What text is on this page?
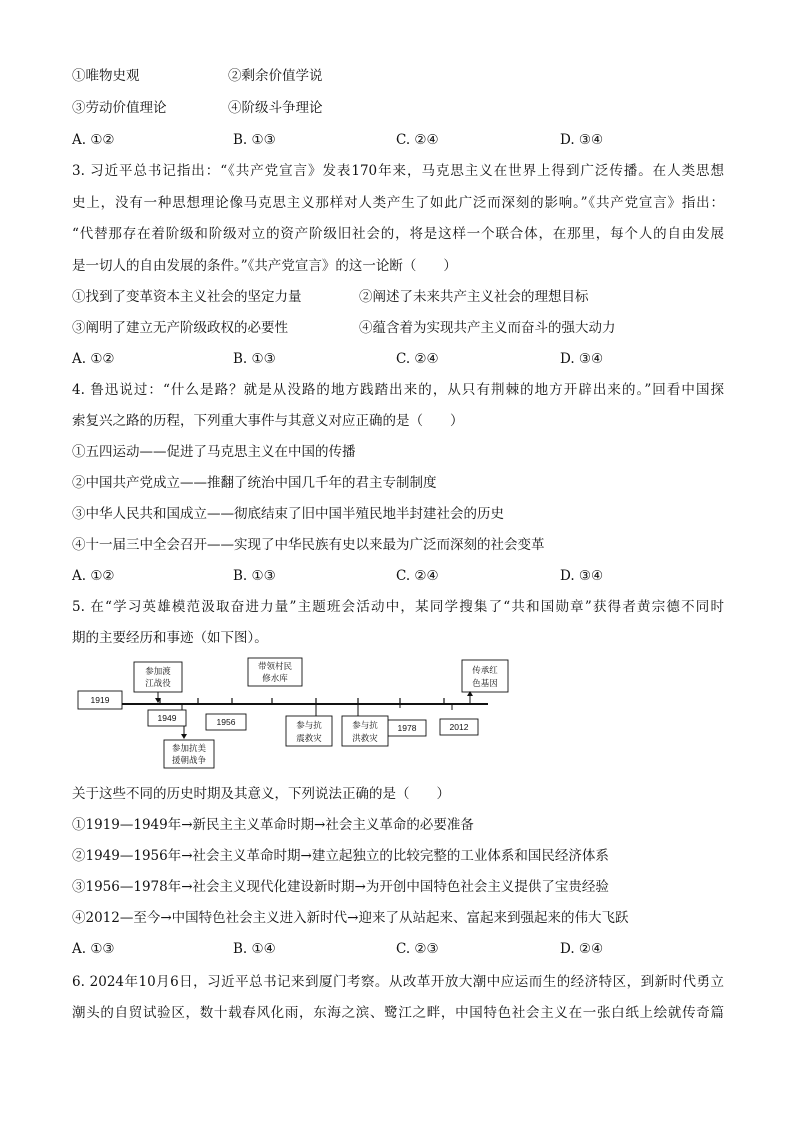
①唯物史观	②剩余价值学说
③劳动价值理论	④阶级斗争理论
A. ①②	B. ①③	C. ②④	D. ③④
3. 习近平总书记指出：“《共产党宣言》发表170年来，马克思主义在世界上得到广泛传播。在人类思想
史上，没有一种思想理论像马克思主义那样对人类产生了如此广泛而深刻的影响。”《共产党宣言》指出：
“代替那存在着阶级和阶级对立的资产阶级旧社会的，将是这样一个联合体，在那里，每个人的自由发展
是一切人的自由发展的条件。”《共产党宣言》的这一论断（　　）
①找到了变革资本主义社会的坚定力量	②阐述了未来共产主义社会的理想目标
③阐明了建立无产阶级政权的必要性	④蕴含着为实现共产主义而奋斗的强大动力
A. ①②	B. ①③	C. ②④	D. ③④
4. 鲁迅说过：“什么是路？就是从没路的地方践踏出来的，从只有荆棘的地方开辟出来的。”回看中国探
索复兴之路的历程，下列重大事件与其意义对应正确的是（　　）
①五四运动——促进了马克思主义在中国的传播
②中国共产党成立——推翻了统治中国几千年的君主专制制度
③中华人民共和国成立——彻底结束了旧中国半殖民地半封建社会的历史
④十一届三中全会召开——实现了中华民族有史以来最为广泛而深刻的社会变革
A. ①②	B. ①③	C. ②④	D. ③④
5. 在“学习英雄模范汲取奋进力量”主题班会活动中，某同学搜集了“共和国勋章”获得者黄宗德不同时
期的主要经历和事迹（如下图）。
1919
1949	1956
1978	2012
参加渡
江战役
带领村民
修水库
传承红
色基因
参加抗美
援朝战争
参与抗
震救灾
参与抗
洪救灾
关于这些不同的历史时期及其意义，下列说法正确的是（　　）
①1919—1949年→新民主主义革命时期→社会主义革命的必要准备
②1949—1956年→社会主义革命时期→建立起独立的比较完整的工业体系和国民经济体系
③1956—1978年→社会主义现代化建设新时期→为开创中国特色社会主义提供了宝贵经验
④2012—至今→中国特色社会主义进入新时代→迎来了从站起来、富起来到强起来的伟大飞跃
A. ①③	B. ①④	C. ②③	D. ②④
6. 2024年10月6日，习近平总书记来到厦门考察。从改革开放大潮中应运而生的经济特区，到新时代勇立
潮头的自贸试验区，数十载春风化雨，东海之滨、鹭江之畔，中国特色社会主义在一张白纸上绘就传奇篇
